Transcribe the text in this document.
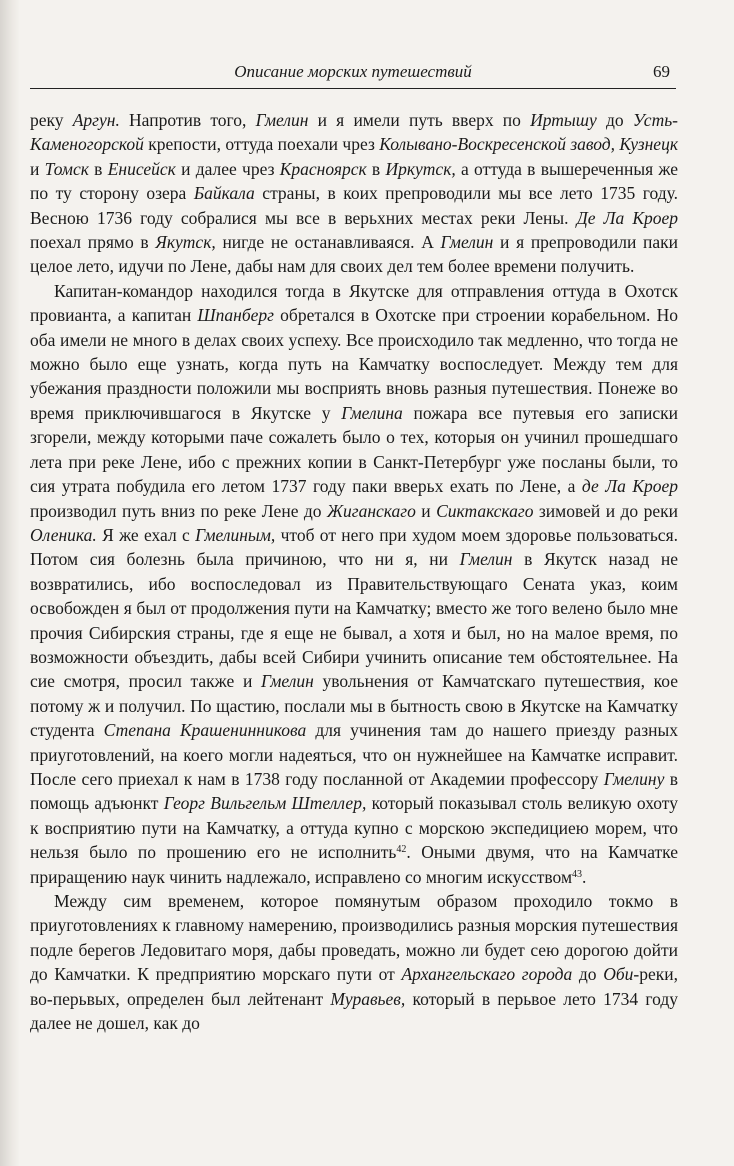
Описание морских путешествий	69

реку Аргун. Напротив того, Гмелин и я имели путь вверх по Иртышу до Усть-Каменогорской крепости, оттуда поехали чрез Колывано-Воскресенской завод, Кузнецк и Томск в Енисейск и далее чрез Красноярск в Иркутск, а оттуда в вышереченныя же по ту сторону озера Байкала страны, в коих препроводили мы все лето 1735 году. Весною 1736 году собралися мы все в верьхних местах реки Лены. Де Ла Кроер поехал прямо в Якутск, нигде не останавливаяся. А Гмелин и я препроводили паки целое лето, идучи по Лене, дабы нам для своих дел тем более времени получить.

Капитан-командор находился тогда в Якутске для отправления оттуда в Охотск провианта, а капитан Шпанберг обретался в Охотске при строении корабельном. Но оба имели не много в делах своих успеху. Все происходило так медленно, что тогда не можно было еще узнать, когда путь на Камчатку воспоследует. Между тем для убежания праздности положили мы восприять вновь разныя путешествия. Понеже во время приключившагося в Якутске у Гмелина пожара все путевыя его записки згорели, между которыми паче сожалеть было о тех, которыя он учинил прошедшаго лета при реке Лене, ибо с прежних копии в Санкт-Петербург уже посланы были, то сия утрата побудила его летом 1737 году паки вверьх ехать по Лене, а де Ла Кроер производил путь вниз по реке Лене до Жиганскаго и Сиктакскаго зимовей и до реки Оленика. Я же ехал с Гмелиным, чтоб от него при худом моем здоровье пользоваться. Потом сия болезнь была причиною, что ни я, ни Гмелин в Якутск назад не возвратились, ибо воспоследовал из Правительствующаго Сената указ, коим освобожден я был от продолжения пути на Камчатку; вместо же того велено было мне прочия Сибирския страны, где я еще не бывал, а хотя и был, но на малое время, по возможности объездить, дабы всей Сибири учинить описание тем обстоятельнее. На сие смотря, просил также и Гмелин увольнения от Камчатскаго путешествия, кое потому ж и получил. По щастию, послали мы в бытность свою в Якутске на Камчатку студента Степана Крашенинникова для учинения там до нашего приезду разных приуготовлений, на коего могли надеяться, что он нужнейшее на Камчатке исправит. После сего приехал к нам в 1738 году посланной от Академии профессору Гмелину в помощь адъюнкт Георг Вильгельм Штеллер, который показывал столь великую охоту к восприятию пути на Камчатку, а оттуда купно с морскою экспедициею морем, что нельзя было по прошению его не исполнить$^{42}$. Оными двумя, что на Камчатке приращению наук чинить надлежало, исправлено со многим искусством$^{43}$.

Между сим временем, которое помянутым образом проходило токмо в приуготовлениях к главному намерению, производились разныя морския путешествия подле берегов Ледовитаго моря, дабы проведать, можно ли будет сею дорогою дойти до Камчатки. К предприятию морскаго пути от Архангельскаго города до Оби-реки, во-перьвых, определен был лейтенант Муравьев, который в перьвое лето 1734 году далее не дошел, как до
